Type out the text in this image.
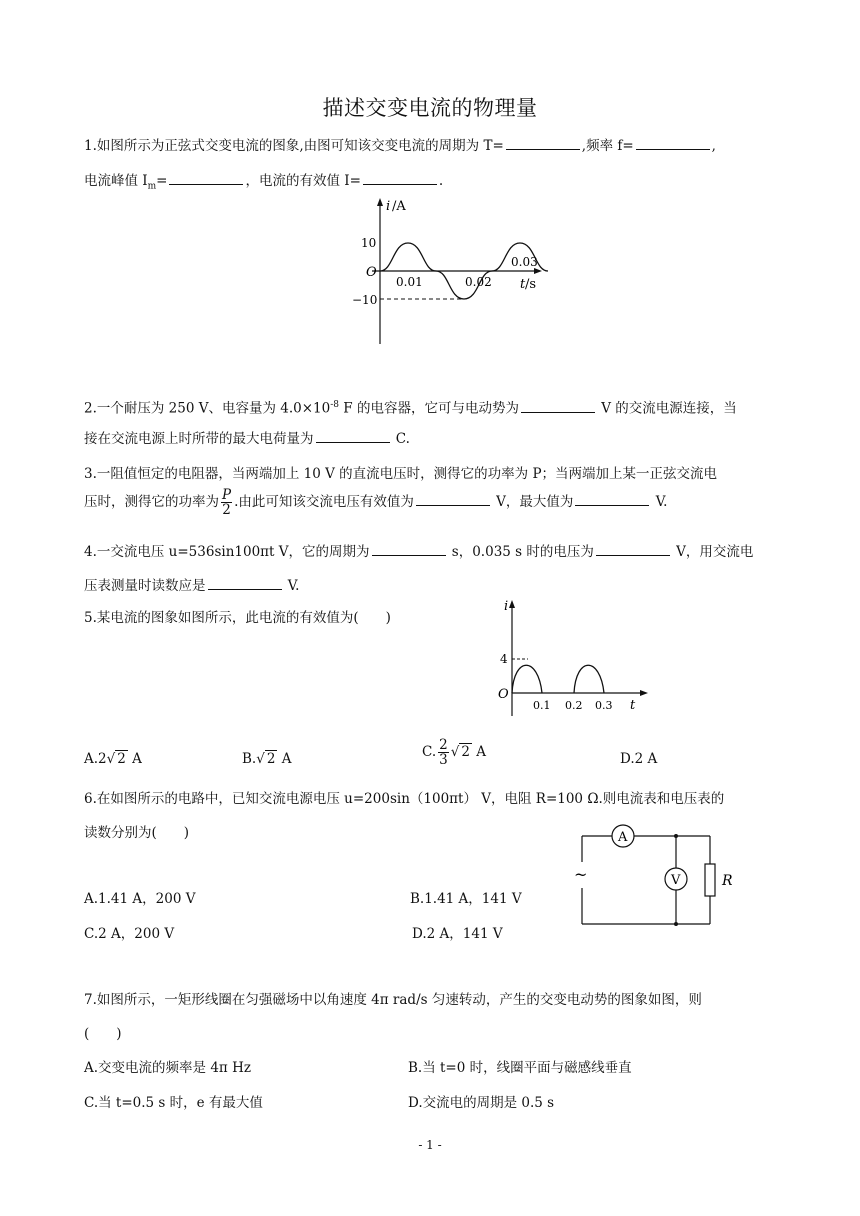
描述交变电流的物理量
1.如图所示为正弦式交变电流的图象,由图可知该交变电流的周期为 T=	,频率 f=	,
电流峰值 $I_m=$	，电流的有效值 I=	.
i /A
10
−10
O
0.01	0.02
0.03
t /s
2.一个耐压为 250 V、电容量为 $4.0\times 10^{-8}$ F 的电容器，它可与电动势为	V 的交流电源连接，当
接在交流电源上时所带的最大电荷量为	C.
3.一阻值恒定的电阻器，当两端加上 10 V 的直流电压时，测得它的功率为 P；当两端加上某一正弦交流电
压时，测得它的功率为 $\frac{P}{2}$ .由此可知该交流电压有效值为	V，最大值为	V.
4.一交流电压 u=536sin100πt V，它的周期为	s，0.035 s 时的电压为	V，用交流电
压表测量时读数应是	V.
5.某电流的图象如图所示，此电流的有效值为(　　)
i
4
O
0.1 0.2 0.3 t
A.2√ 2 A	B.√ 2 A	C. $\frac{2}{3}$ √ 2 A	D.2 A
6.在如图所示的电路中，已知交流电源电压 u=200sin（100πt） V，电阻 R=100 Ω.则电流表和电压表的
读数分别为(　　)	A
V	R
~
A.1.41 A，200 V	B.1.41 A，141 V
C.2 A，200 V	D.2 A，141 V
7.如图所示，一矩形线圈在匀强磁场中以角速度 4π rad/s 匀速转动，产生的交变电动势的图象如图，则
(　　)
A.交变电流的频率是 4π Hz	B.当 t=0 时，线圈平面与磁感线垂直
C.当 t=0.5 s 时，e 有最大值	D.交流电的周期是 0.5 s
- 1 -
